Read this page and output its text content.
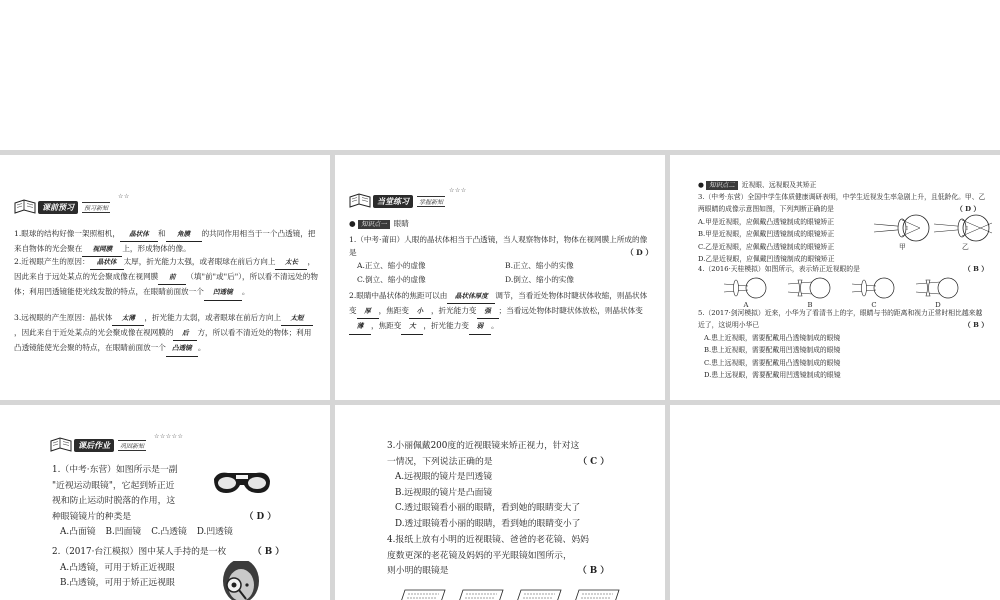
课前预习	预习新知
☆☆
1.眼球的结构好像一架照相机， 晶状体 和 角膜 的共同作用相当于一个凸透镜，把来自物体的光会聚在 视网膜 上，形成物体的像。
2.近视眼产生的原因： 晶状体 太厚，折光能力太强，或者眼球在前后方向上 太长 ，因此来自于远处某点的光会聚成像在视网膜 前 （填"前"或"后"），所以看不清远处的物体；利用凹透镜能使光线发散的特点，在眼睛前面放一个 凹透镜 。
3.远视眼的产生原因：晶状体 太薄 ，折光能力太弱，或者眼球在前后方向上 太短，因此来自于近处某点的光会聚成像在视网膜的 后 方，所以看不清近处的物体；利用凸透镜能使光会聚的特点，在眼睛前面放一个 凸透镜 。
当堂练习	掌握新知
☆☆☆
● 知识点一 眼睛
1.（中考·莆田）人眼的晶状体相当于凸透镜，当人观察物体时，物体在视网膜上所成的像是	（ D ）
A.正立、缩小的虚像	B.正立、缩小的实像
C.倒立、缩小的虚像	D.倒立、缩小的实像
2.眼睛中晶状体的焦距可以由 晶状体厚度 调节，当看近处物体时睫状体收缩，则晶状体变 厚 ，焦距变 小 ，折光能力变 强 ；当看远处物体时睫状体放松，则晶状体变薄 ，焦距变 大 ，折光能力变 弱 。
● 知识点二 近视眼、远视眼及其矫正
3.（中考·东营）全国中学生体质健康调研表明，中学生近视发生率急剧上升，且低龄化。甲、乙两眼睛的成像示意图如图，下列判断正确的是
A.甲是近视眼，应佩戴凸透镜制成的眼镜矫正
B.甲是近视眼，应佩戴凹透镜制成的眼镜矫正
C.乙是近视眼，应佩戴凸透镜制成的眼镜矫正
D.乙是近视眼，应佩戴凹透镜制成的眼镜矫正
（ D ）
甲	乙
4.（2016·天桂模拟）如图所示，表示矫正近视眼的是	（ B ）
A	B	C	D
5.（2017·剑河模拟）近来，小华为了看清书上的字，眼睛与书的距离和视力正常时相比越来越近了，这说明小华已	（ B ）
A.患上近视眼，需要配戴用凸透镜制成的眼镜
B.患上近视眼，需要配戴用凹透镜制成的眼镜
C.患上远视眼，需要配戴用凸透镜制成的眼镜
D.患上远视眼，需要配戴用凹透镜制成的眼镜
课后作业	巩固新知
☆☆☆☆☆
1.（中考·东营）如图所示是一副
"近视运动眼镜"，它起到矫正近
视和防止运动时脱落的作用，这
种眼镜镜片的种类是	（ D ）
A.凸面镜 B.凹面镜 C.凸透镜 D.凹透镜
2.（2017·台江模拟）图中某人手持的是一枚	（ B ）
A.凸透镜，可用于矫正近视眼
B.凸透镜，可用于矫正远视眼
3.小丽佩戴200度的近视眼镜来矫正视力，针对这
一情况，下列说法正确的是	（ C ）
A.远视眼的镜片是凹透镜
B.远视眼的镜片是凸面镜
C.透过眼镜看小丽的眼睛，看到她的眼睛变大了
D.透过眼镜看小丽的眼睛，看到她的眼睛变小了
4.报纸上放有小明的近视眼镜、爸爸的老花镜、妈妈
度数更深的老花镜及妈妈的平光眼镜如图所示，
则小明的眼镜是	（ B ）
